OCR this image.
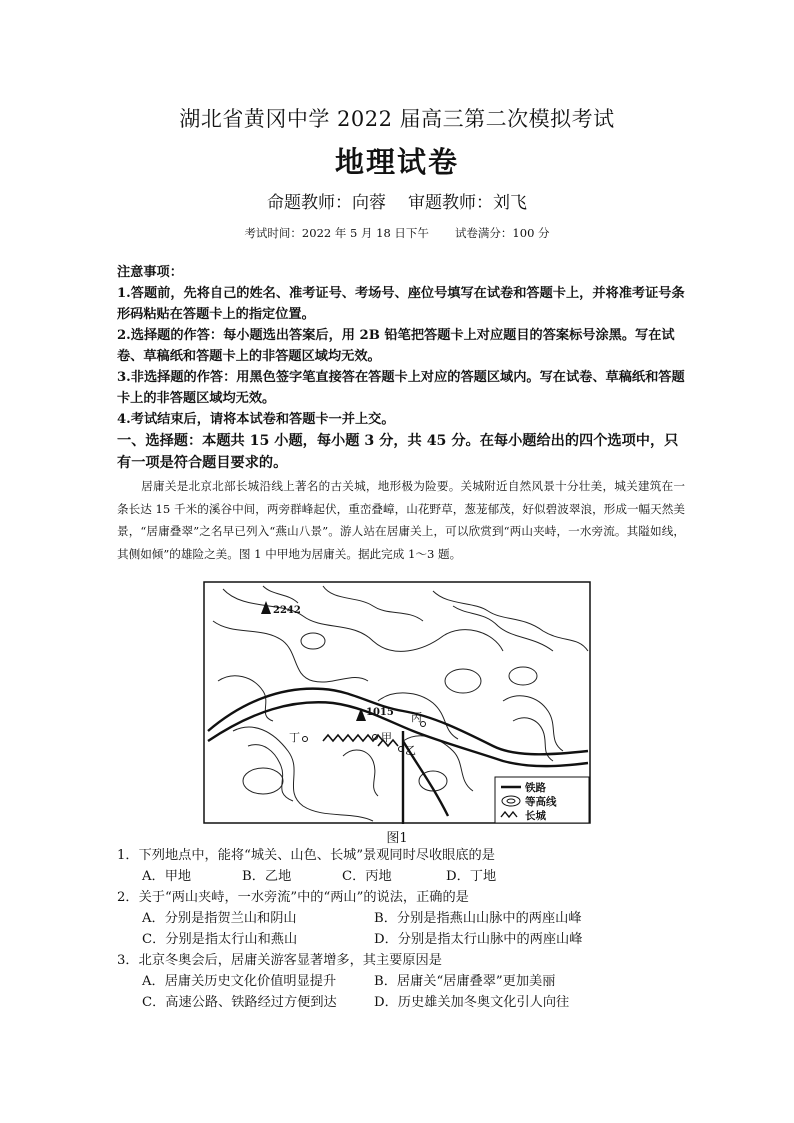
湖北省黄冈中学 2022 届高三第二次模拟考试
地理试卷
命题教师：向蓉 审题教师：刘飞
考试时间：2022 年 5 月 18 日下午 试卷满分：100 分
注意事项：
1.答题前，先将自己的姓名、准考证号、考场号、座位号填写在试卷和答题卡上，并将准考证号条形码粘贴在答题卡上的指定位置。
2.选择题的作答：每小题选出答案后，用 2B 铅笔把答题卡上对应题目的答案标号涂黑。写在试卷、草稿纸和答题卡上的非答题区域均无效。
3.非选择题的作答：用黑色签字笔直接答在答题卡上对应的答题区域内。写在试卷、草稿纸和答题卡上的非答题区域均无效。
4.考试结束后，请将本试卷和答题卡一并上交。
一、选择题：本题共 15 小题，每小题 3 分，共 45 分。在每小题给出的四个选项中，只有一项是符合题目要求的。
居庸关是北京北部长城沿线上著名的古关城，地形极为险要。关城附近自然风景十分壮美，城关建筑在一条长达 15 千米的溪谷中间，两旁群峰起伏，重峦叠嶂，山花野草，葱茏郁茂，好似碧波翠浪，形成一幅天然美景，“居庸叠翠”之名早已列入“燕山八景”。游人站在居庸关上，可以欣赏到“两山夹峙，一水旁流。其隘如线，其侧如倾”的雄险之美。图 1 中甲地为居庸关。据此完成 1～3 题。
2242
1015
甲
乙
丙
丁
铁路
等高线
长城
图1
1．下列地点中，能将“城关、山色、长城”景观同时尽收眼底的是
A．甲地	B．乙地	C．丙地	D．丁地
2．关于“两山夹峙，一水旁流”中的“两山”的说法，正确的是
A．分别是指贺兰山和阴山	B．分别是指燕山山脉中的两座山峰
C．分别是指太行山和燕山	D．分别是指太行山脉中的两座山峰
3．北京冬奥会后，居庸关游客显著增多，其主要原因是
A．居庸关历史文化价值明显提升	B．居庸关“居庸叠翠”更加美丽
C．高速公路、铁路经过方便到达	D．历史雄关加冬奥文化引人向往
